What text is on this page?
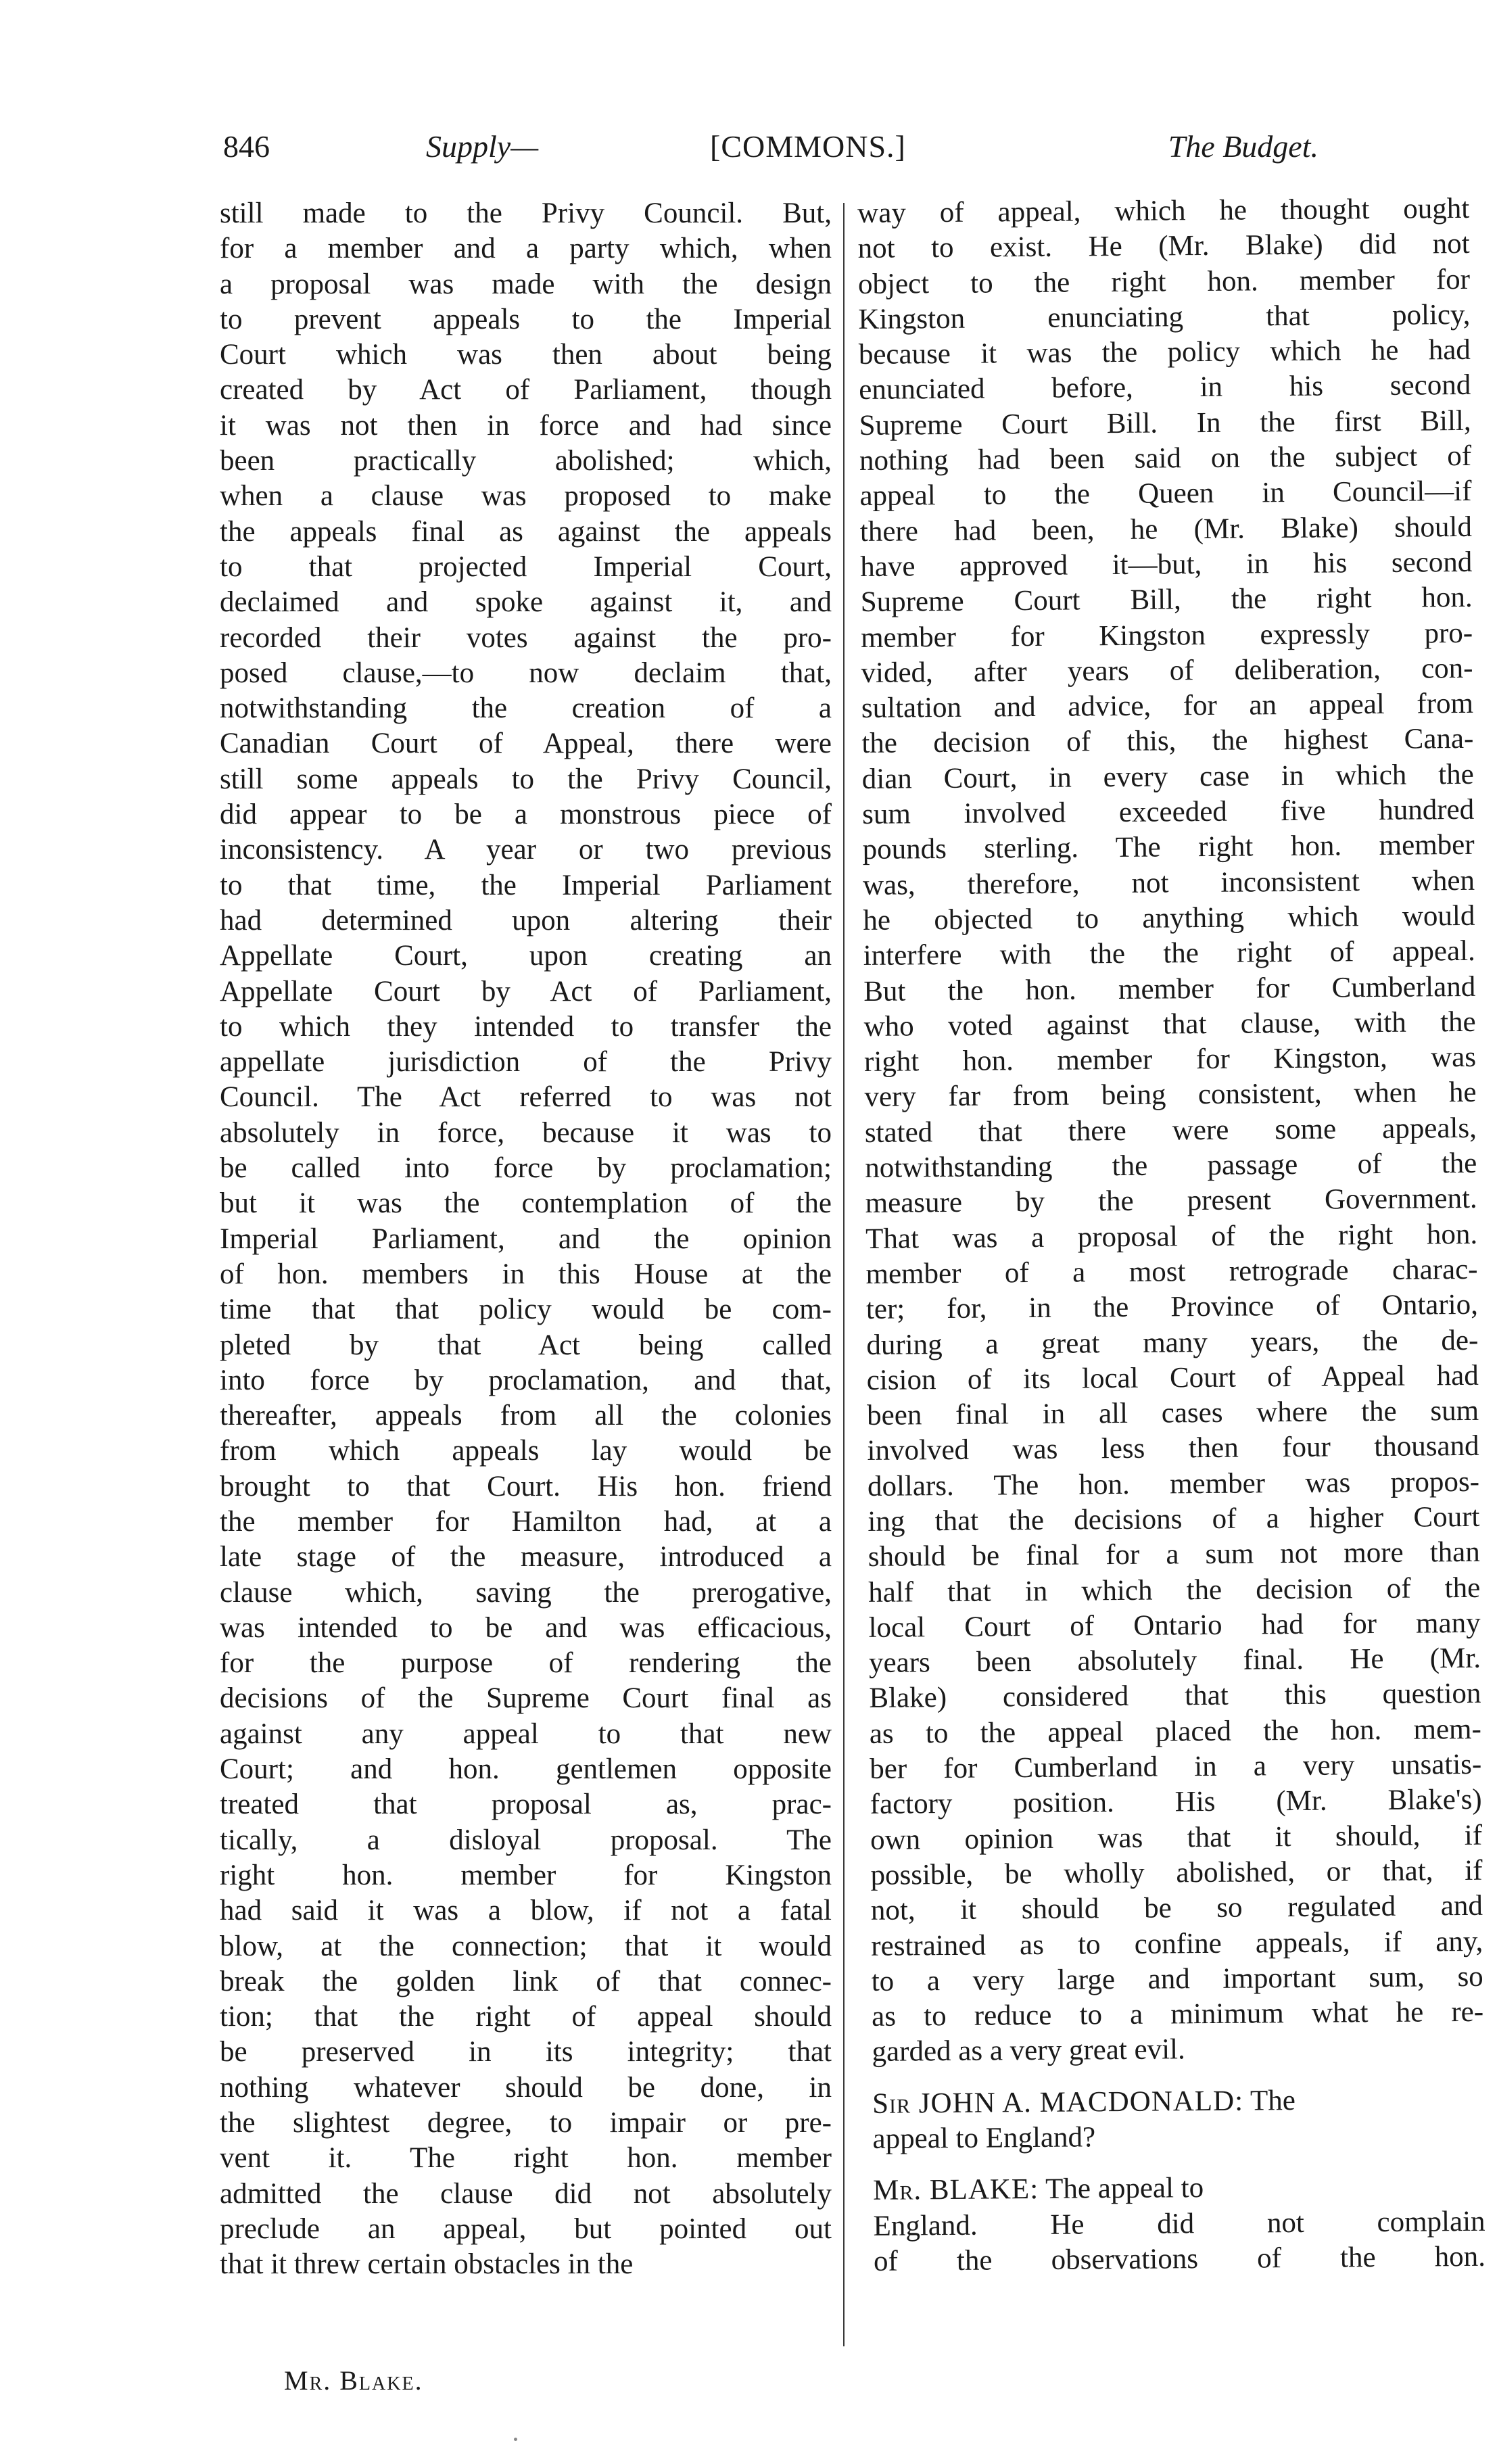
846	Supply—	[COMMONS.]	The Budget.
still made to the Privy Council. But,
for a member and a party which, when
a proposal was made with the design
to prevent appeals to the Imperial
Court which was then about being
created by Act of Parliament, though
it was not then in force and had since
been practically abolished; which,
when a clause was proposed to make
the appeals final as against the appeals
to that projected Imperial Court,
declaimed and spoke against it, and
recorded their votes against the pro-
posed clause,—to now declaim that,
notwithstanding the creation of a
Canadian Court of Appeal, there were
still some appeals to the Privy Council,
did appear to be a monstrous piece of
inconsistency. A year or two previous
to that time, the Imperial Parliament
had determined upon altering their
Appellate Court, upon creating an
Appellate Court by Act of Parliament,
to which they intended to transfer the
appellate jurisdiction of the Privy
Council. The Act referred to was not
absolutely in force, because it was to
be called into force by proclamation;
but it was the contemplation of the
Imperial Parliament, and the opinion
of hon. members in this House at the
time that that policy would be com-
pleted by that Act being called
into force by proclamation, and that,
thereafter, appeals from all the colonies
from which appeals lay would be
brought to that Court. His hon. friend
the member for Hamilton had, at a
late stage of the measure, introduced a
clause which, saving the prerogative,
was intended to be and was efficacious,
for the purpose of rendering the
decisions of the Supreme Court final as
against any appeal to that new
Court; and hon. gentlemen opposite
treated that proposal as, prac-
tically, a disloyal proposal. The
right hon. member for Kingston
had said it was a blow, if not a fatal
blow, at the connection; that it would
break the golden link of that connec-
tion; that the right of appeal should
be preserved in its integrity; that
nothing whatever should be done, in
the slightest degree, to impair or pre-
vent it. The right hon. member
admitted the clause did not absolutely
preclude an appeal, but pointed out
that it threw certain obstacles in the
way of appeal, which he thought ought
not to exist. He (Mr. Blake) did not
object to the right hon. member for
Kingston enunciating that policy,
because it was the policy which he had
enunciated before, in his second
Supreme Court Bill. In the first Bill,
nothing had been said on the subject of
appeal to the Queen in Council—if
there had been, he (Mr. Blake) should
have approved it—but, in his second
Supreme Court Bill, the right hon.
member for Kingston expressly pro-
vided, after years of deliberation, con-
sultation and advice, for an appeal from
the decision of this, the highest Cana-
dian Court, in every case in which the
sum involved exceeded five hundred
pounds sterling. The right hon. member
was, therefore, not inconsistent when
he objected to anything which would
interfere with the the right of appeal.
But the hon. member for Cumberland
who voted against that clause, with the
right hon. member for Kingston, was
very far from being consistent, when he
stated that there were some appeals,
notwithstanding the passage of the
measure by the present Government.
That was a proposal of the right hon.
member of a most retrograde charac-
ter; for, in the Province of Ontario,
during a great many years, the de-
cision of its local Court of Appeal had
been final in all cases where the sum
involved was less then four thousand
dollars. The hon. member was propos-
ing that the decisions of a higher Court
should be final for a sum not more than
half that in which the decision of the
local Court of Ontario had for many
years been absolutely final. He (Mr.
Blake) considered that this question
as to the appeal placed the hon. mem-
ber for Cumberland in a very unsatis-
factory position. His (Mr. Blake's)
own opinion was that it should, if
possible, be wholly abolished, or that, if
not, it should be so regulated and
restrained as to confine appeals, if any,
to a very large and important sum, so
as to reduce to a minimum what he re-
garded as a very great evil.
Sir JOHN A. MACDONALD: The
appeal to England?
Mr. BLAKE: The appeal to
England. He did not complain
of the observations of the hon.
Mr. Blake.
